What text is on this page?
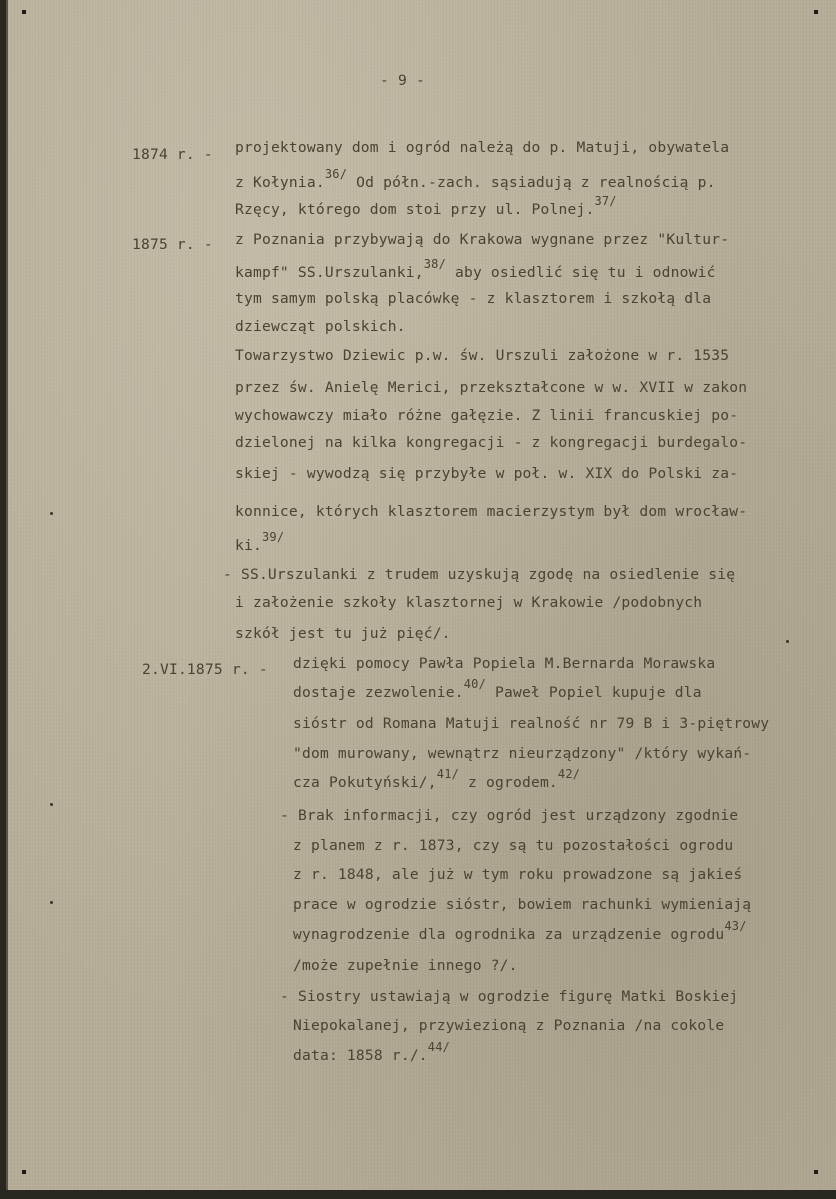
- 9 -

1874 r. - projektowany dom i ogród należą do p. Matuji, obywatela

z Kołynia.$^{36/}$ Od półn.-zach. sąsiadują z realnością p.

Rzęcy, którego dom stoi przy ul. Polnej.$^{37/}$

1875 r. - z Poznania przybywają do Krakowa wygnane przez "Kultur-

kampf" SS.Urszulanki,$^{38/}$ aby osiedlić się tu i odnowić

tym samym polską placówkę - z klasztorem i szkołą dla

dziewcząt polskich.

Towarzystwo Dziewic p.w. św. Urszuli założone w r. 1535

przez św. Anielę Merici, przekształcone w w. XVII w zakon

wychowawczy miało różne gałęzie. Z linii francuskiej po-

dzielonej na kilka kongregacji - z kongregacji burdegalo-

skiej - wywodzą się przybyłe w poł. w. XIX do Polski za-

konnice, których klasztorem macierzystym był dom wrocław-

ki.$^{39/}$

- SS.Urszulanki z trudem uzyskują zgodę na osiedlenie się

i założenie szkoły klasztornej w Krakowie /podobnych

szkół jest tu już pięć/.

2.VI.1875 r. - dzięki pomocy Pawła Popiela M.Bernarda Morawska

dostaje zezwolenie.$^{40/}$ Paweł Popiel kupuje dla

sióstr od Romana Matuji realność nr 79 B i 3-piętrowy

"dom murowany, wewnątrz nieurządzony" /który wykań-

cza Pokutyński/,$^{41/}$ z ogrodem.$^{42/}$

- Brak informacji, czy ogród jest urządzony zgodnie

z planem z r. 1873, czy są tu pozostałości ogrodu

z r. 1848, ale już w tym roku prowadzone są jakieś

prace w ogrodzie sióstr, bowiem rachunki wymieniają

wynagrodzenie dla ogrodnika za urządzenie ogrodu$^{43/}$

/może zupełnie innego ?/.

- Siostry ustawiają w ogrodzie figurę Matki Boskiej

Niepokalanej, przywiezioną z Poznania /na cokole

data: 1858 r./.$^{44/}$
